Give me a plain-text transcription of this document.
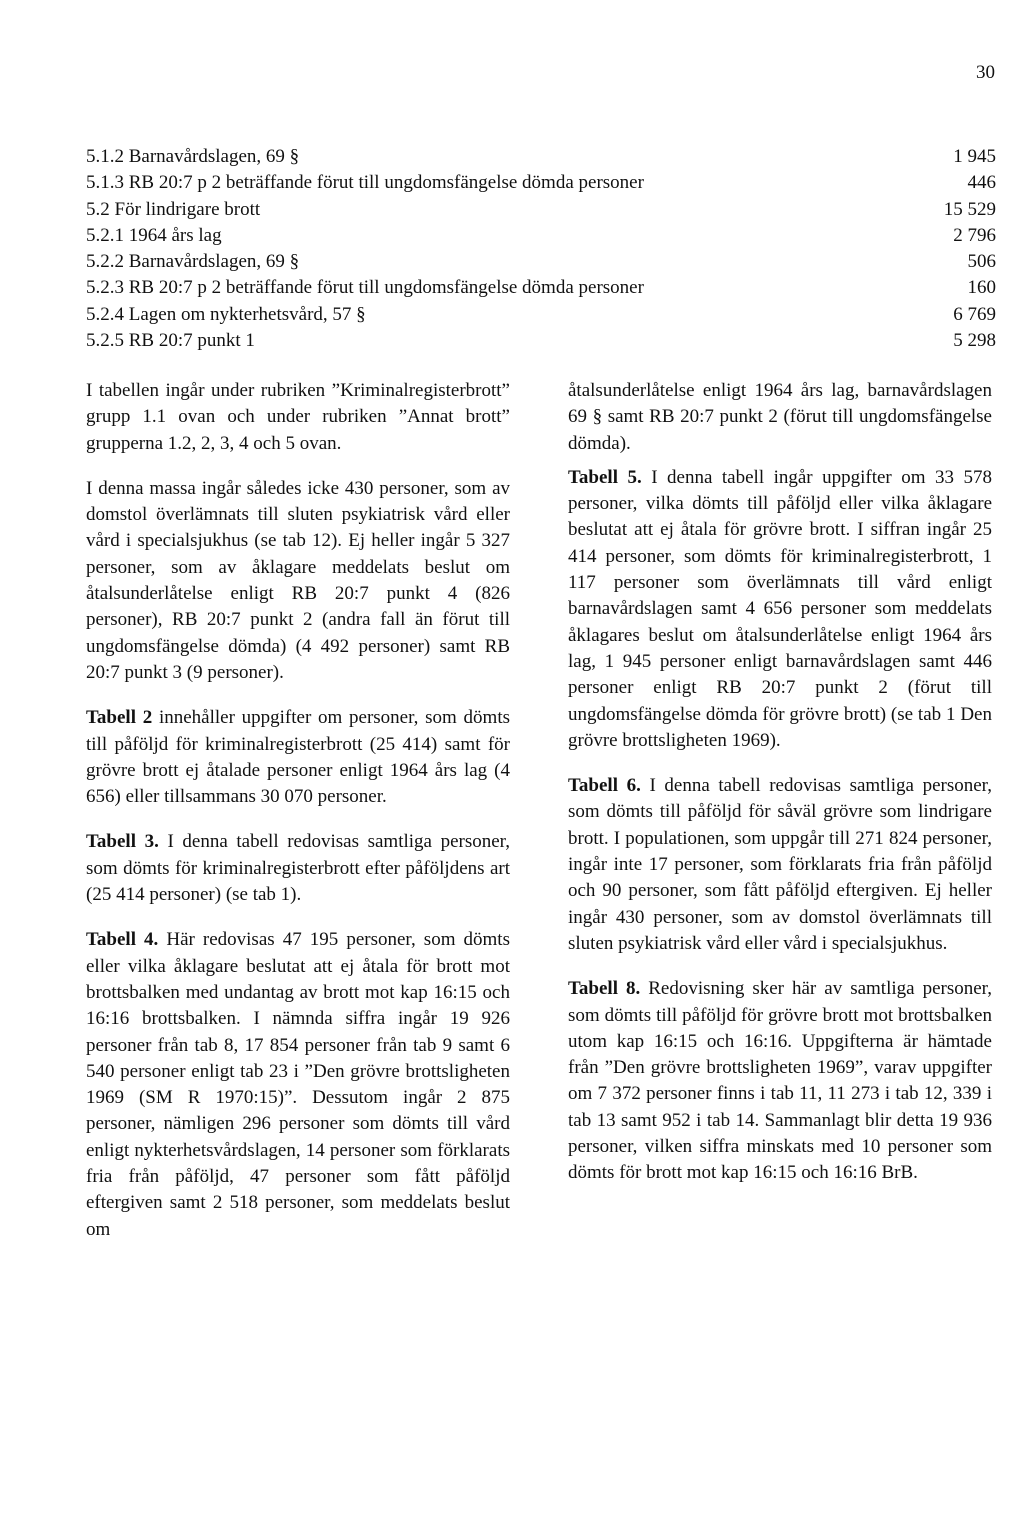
30
5.1.2 Barnavårdslagen, 69 §	1 945
5.1.3 RB 20:7 p 2 beträffande förut till ungdomsfängelse dömda personer	446
5.2 För lindrigare brott	15 529
5.2.1 1964 års lag	2 796
5.2.2 Barnavårdslagen, 69 §	506
5.2.3 RB 20:7 p 2 beträffande förut till ungdomsfängelse dömda personer	160
5.2.4 Lagen om nykterhetsvård, 57 §	6 769
5.2.5 RB 20:7 punkt 1	5 298

I tabellen ingår under rubriken ”Kriminalregisterbrott” grupp 1.1 ovan och under rubriken ”Annat brott” grupperna 1.2, 2, 3, 4 och 5 ovan.

I denna massa ingår således icke 430 personer, som av domstol överlämnats till sluten psykiatrisk vård eller vård i specialsjukhus (se tab 12). Ej heller ingår 5 327 personer, som av åklagare meddelats beslut om åtalsunderlåtelse enligt RB 20:7 punkt 4 (826 personer), RB 20:7 punkt 2 (andra fall än förut till ungdomsfängelse dömda) (4 492 personer) samt RB 20:7 punkt 3 (9 personer).

Tabell 2 innehåller uppgifter om personer, som dömts till påföljd för kriminalregisterbrott (25 414) samt för grövre brott ej åtalade personer enligt 1964 års lag (4 656) eller tillsammans 30 070 personer.

Tabell 3. I denna tabell redovisas samtliga personer, som dömts för kriminalregisterbrott efter påföljdens art (25 414 personer) (se tab 1).

Tabell 4. Här redovisas 47 195 personer, som dömts eller vilka åklagare beslutat att ej åtala för brott mot brottsbalken med undantag av brott mot kap 16:15 och 16:16 brottsbalken. I nämnda siffra ingår 19 926 personer från tab 8, 17 854 personer från tab 9 samt 6 540 personer enligt tab 23 i ”Den grövre brottsligheten 1969 (SM R 1970:15)”. Dessutom ingår 2 875 personer, nämligen 296 personer som dömts till vård enligt nykterhetsvårdslagen, 14 personer som förklarats fria från påföljd, 47 personer som fått påföljd eftergiven samt 2 518 personer, som meddelats beslut om

åtalsunderlåtelse enligt 1964 års lag, barnavårdslagen 69 § samt RB 20:7 punkt 2 (förut till ungdomsfängelse dömda).

Tabell 5. I denna tabell ingår uppgifter om 33 578 personer, vilka dömts till påföljd eller vilka åklagare beslutat att ej åtala för grövre brott. I siffran ingår 25 414 personer, som dömts för kriminalregisterbrott, 1 117 personer som överlämnats till vård enligt barnavårdslagen samt 4 656 personer som meddelats åklagares beslut om åtalsunderlåtelse enligt 1964 års lag, 1 945 personer enligt barnavårdslagen samt 446 personer enligt RB 20:7 punkt 2 (förut till ungdomsfängelse dömda för grövre brott) (se tab 1 Den grövre brottsligheten 1969).

Tabell 6. I denna tabell redovisas samtliga personer, som dömts till påföljd för såväl grövre som lindrigare brott. I populationen, som uppgår till 271 824 personer, ingår inte 17 personer, som förklarats fria från påföljd och 90 personer, som fått påföljd eftergiven. Ej heller ingår 430 personer, som av domstol överlämnats till sluten psykiatrisk vård eller vård i specialsjukhus.

Tabell 8. Redovisning sker här av samtliga personer, som dömts till påföljd för grövre brott mot brottsbalken utom kap 16:15 och 16:16. Uppgifterna är hämtade från ”Den grövre brottsligheten 1969”, varav uppgifter om 7 372 personer finns i tab 11, 11 273 i tab 12, 339 i tab 13 samt 952 i tab 14. Sammanlagt blir detta 19 936 personer, vilken siffra minskats med 10 personer som dömts för brott mot kap 16:15 och 16:16 BrB.
